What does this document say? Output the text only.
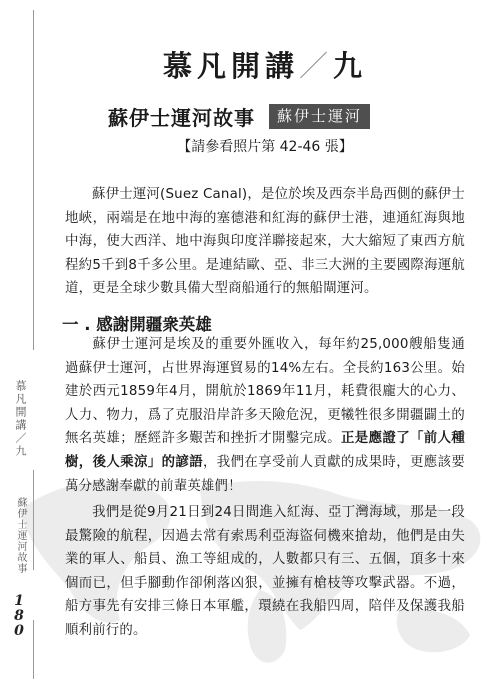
慕凡開講／九
蘇伊士運河故事
180
慕凡開講／九
蘇伊士運河故事	蘇伊士運河
【請參看照片第 42-46 張】

蘇伊士運河(Suez Canal)，是位於埃及西奈半島西側的蘇伊士地峽，兩端是在地中海的塞德港和紅海的蘇伊士港，連通紅海與地中海，使大西洋、地中海與印度洋聯接起來，大大縮短了東西方航程約5千到8千多公里。是連結歐、亞、非三大洲的主要國際海運航道，更是全球少數具備大型商船通行的無船閘運河。

一 . 感謝開疆衆英雄

蘇伊士運河是埃及的重要外匯收入，每年約25,000艘船隻通過蘇伊士運河，占世界海運貿易的14%左右。全長約163公里。始建於西元1859年4月，開航於1869年11月，耗費很龐大的心力、人力、物力，爲了克服沿岸許多天險危況，更犧牲很多開疆闢土的無名英雄；歷經許多艱苦和挫折才開鑿完成。正是應證了「前人種樹，後人乘涼」的諺語，我們在享受前人貢獻的成果時，更應該要萬分感謝奉獻的前輩英雄們！

我們是從9月21日到24日間進入紅海、亞丁灣海域，那是一段最驚險的航程，因過去常有索馬利亞海盜伺機來搶劫，他們是由失業的軍人、船員、漁工等組成的，人數都只有三、五個，頂多十來個而已，但手腳動作卻俐落凶狠，並擁有槍枝等攻擊武器。不過，船方事先有安排三條日本軍艦，環繞在我船四周，陪伴及保護我船順利前行的。
